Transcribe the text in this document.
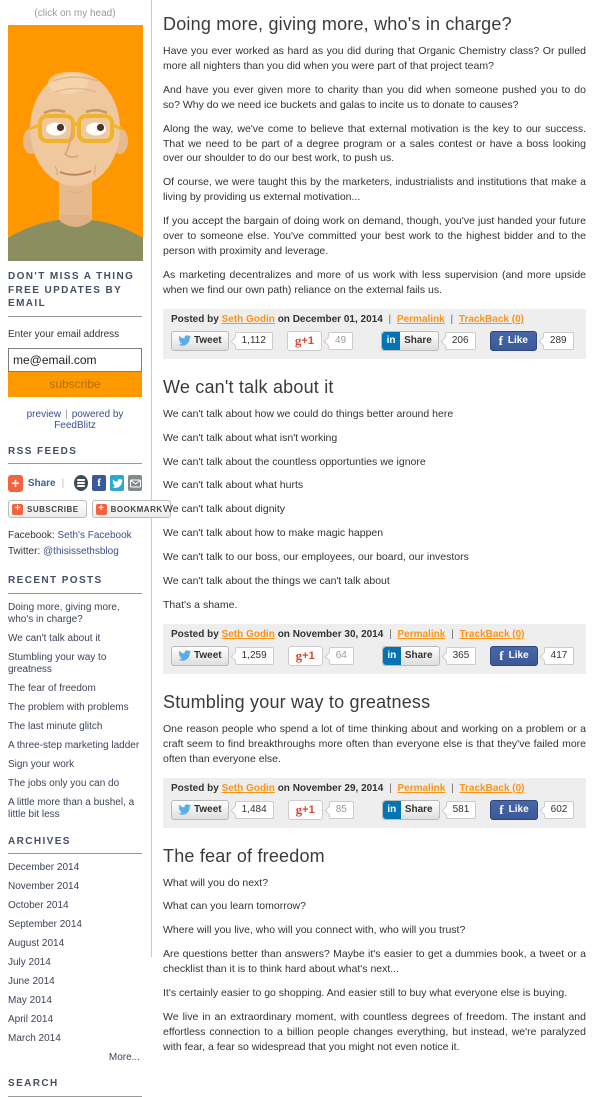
(click on my head)
DON'T MISS A THING
FREE UPDATES BY EMAIL
Enter your email address
me@email.com
subscribe
preview | powered by FeedBlitz
RSS FEEDS
+ Share |	f
+ SUBSCRIBE + BOOKMARK
Facebook: Seth's Facebook
Twitter: @thisissethsblog
RECENT POSTS
Doing more, giving more, who's in charge?
We can't talk about it
Stumbling your way to greatness
The fear of freedom
The problem with problems
The last minute glitch
A three-step marketing ladder
Sign your work
The jobs only you can do
A little more than a bushel, a little bit less
ARCHIVES
December 2014
November 2014
October 2014
September 2014
August 2014
July 2014
June 2014
May 2014
April 2014
March 2014
More...
SEARCH
Doing more, giving more, who's in charge?

Have you ever worked as hard as you did during that Organic Chemistry class? Or pulled more all nighters than you did when you were part of that project team?

And have you ever given more to charity than you did when someone pushed you to do so? Why do we need ice buckets and galas to incite us to donate to causes?

Along the way, we've come to believe that external motivation is the key to our success. That we need to be part of a degree program or a sales contest or have a boss looking over our shoulder to do our best work, to push us.

Of course, we were taught this by the marketers, industrialists and institutions that make a living by providing us external motivation...

If you accept the bargain of doing work on demand, though, you've just handed your future over to someone else. You've committed your best work to the highest bidder and to the person with proximity and leverage.

As marketing decentralizes and more of us work with less supervision (and more upside when we find our own path) reliance on the external fails us.

Posted by Seth Godin on December 01, 2014 | Permalink | TrackBack (0)
Tweet	1,112	g +1	49	in Share	206	f Like	289
We can't talk about it

We can't talk about how we could do things better around here

We can't talk about what isn't working

We can't talk about the countless opportunties we ignore

We can't talk about what hurts

We can't talk about dignity

We can't talk about how to make magic happen

We can't talk to our boss, our employees, our board, our investors

We can't talk about the things we can't talk about

That's a shame.

Posted by Seth Godin on November 30, 2014 | Permalink | TrackBack (0)
Tweet	1,259	g +1	64	in Share	365	f Like	417
Stumbling your way to greatness

One reason people who spend a lot of time thinking about and working on a problem or a craft seem to find breakthroughs more often than everyone else is that they've failed more often than everyone else.

Posted by Seth Godin on November 29, 2014 | Permalink | TrackBack (0)
Tweet	1,484	g +1	85	in Share	581	f Like	602
The fear of freedom

What will you do next?

What can you learn tomorrow?

Where will you live, who will you connect with, who will you trust?

Are questions better than answers? Maybe it's easier to get a dummies book, a tweet or a checklist than it is to think hard about what's next...

It's certainly easier to go shopping. And easier still to buy what everyone else is buying.

We live in an extraordinary moment, with countless degrees of freedom. The instant and effortless connection to a billion people changes everything, but instead, we're paralyzed with fear, a fear so widespread that you might not even notice it.
